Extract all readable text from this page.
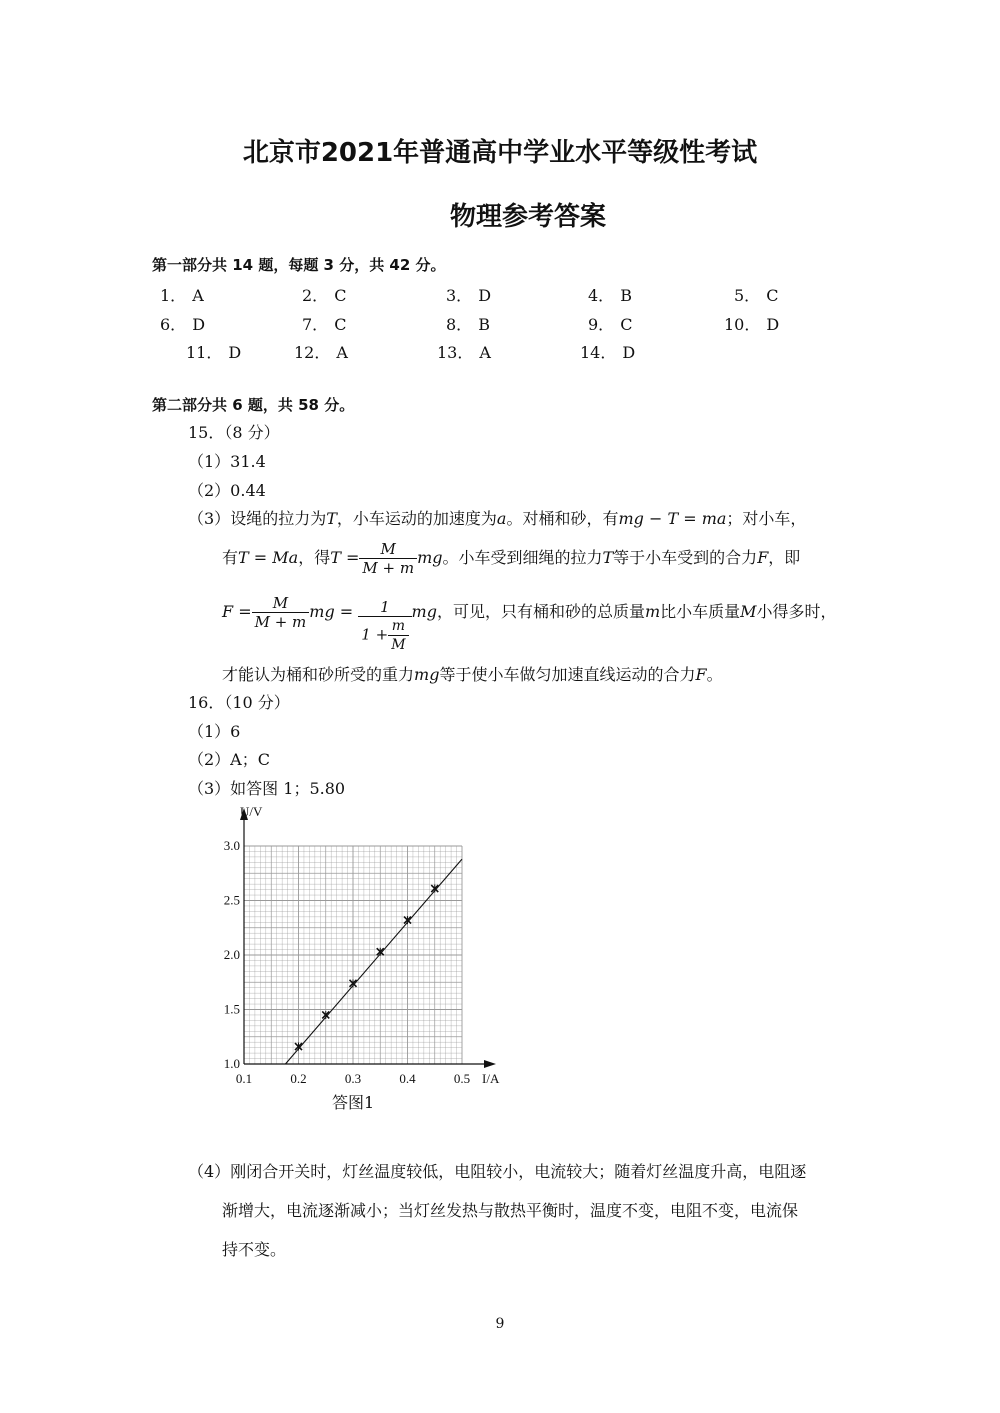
北京市2021年普通高中学业水平等级性考试
物理参考答案
第一部分共 14 题，每题 3 分，共 42 分。
1． A	2． C	3． D	4． B	5． C
6． D	7． C	8． B	9． C	10． D
11． D	12． A	13． A	14． D
第二部分共 6 题，共 58 分。
15．（8 分）
（1）31.4
（2）0.44
（3）设绳的拉力为T，小车运动的加速度为a。对桶和砂，有mg − T = ma；对小车，
有T = Ma，得$T = \frac{M}{M + m}$ mg。小车受到细绳的拉力T等于小车受到的合力F，即
$F = \frac{M}{M + m}$ mg = $\frac{1}{1 + \frac{m}{M}}$ mg，可见，只有桶和砂的总质量m比小车质量M小得多时，
才能认为桶和砂所受的重力mg等于使小车做匀加速直线运动的合力F。
16．（10 分）
（1）6
（2）A；C
（3）如答图 1；5.80
0.1	0.2	0.3	0.4	0.5
1.0
1.5
2.0
2.5
3.0
I/A
U/V
答图1
（4）刚闭合开关时，灯丝温度较低，电阻较小，电流较大；随着灯丝温度升高，电阻逐
渐增大，电流逐渐减小；当灯丝发热与散热平衡时，温度不变，电阻不变，电流保
持不变。
9
